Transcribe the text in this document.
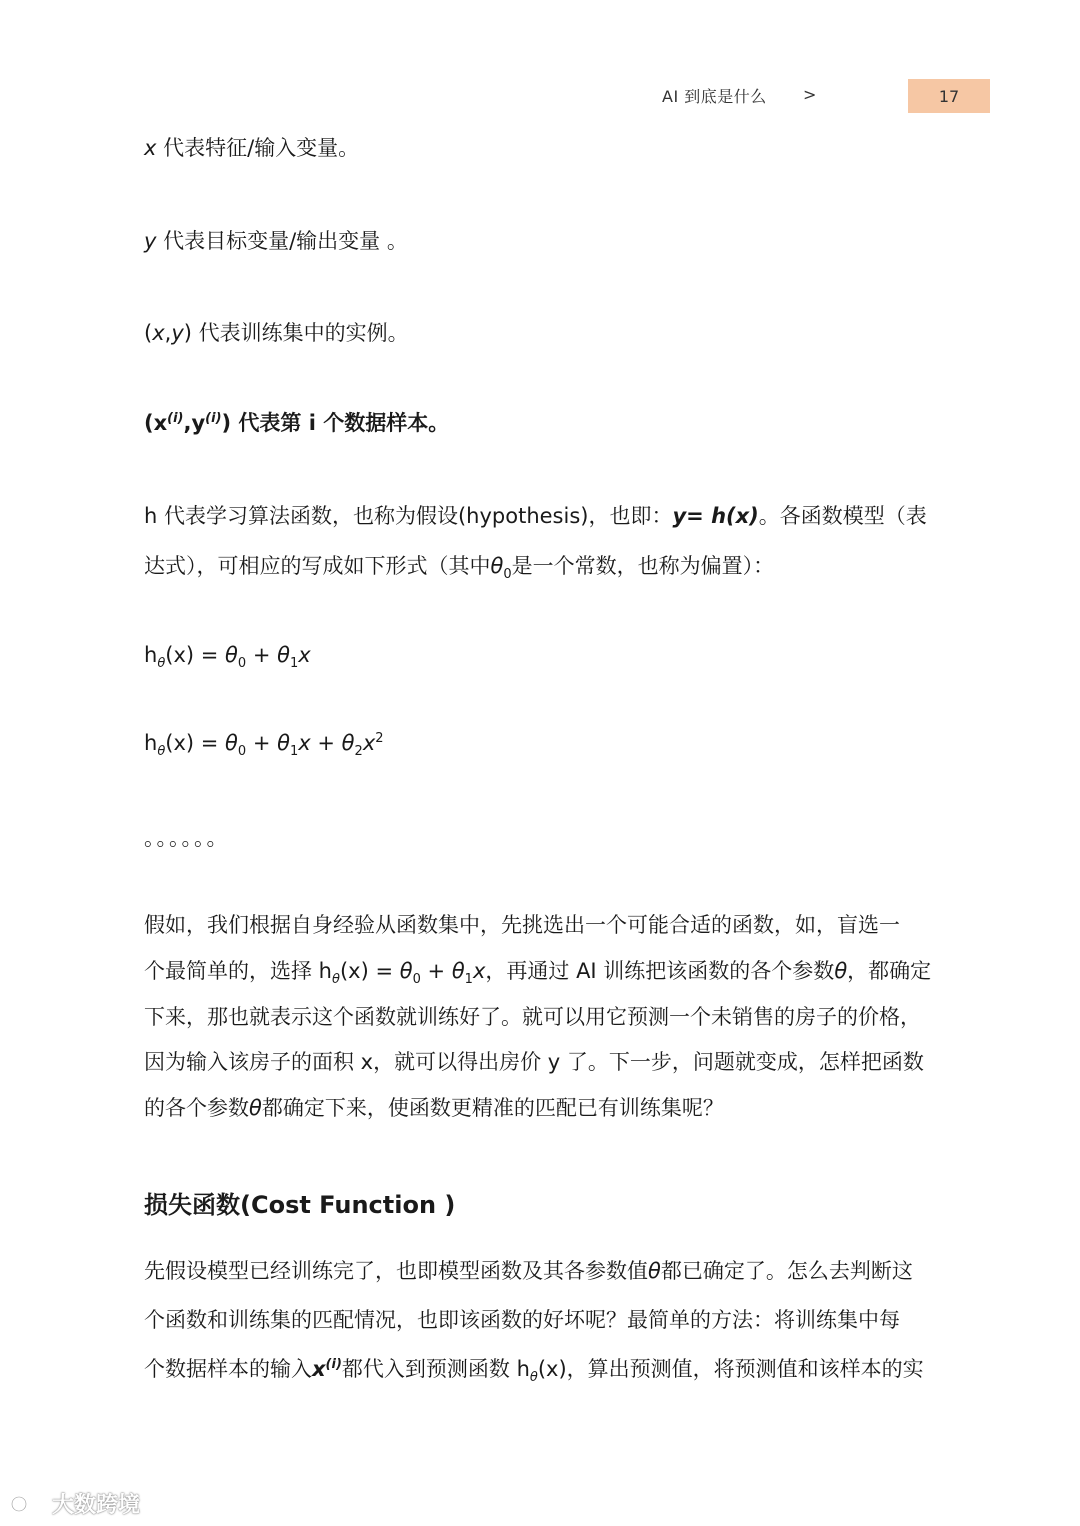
AI 到底是什么 >	17
x 代表特征/输入变量。
y 代表目标变量/输出变量 。
(x,y) 代表训练集中的实例。
$(x^{(i)},y^{(i)})$ 代表第 i 个数据样本。
h 代表学习算法函数，也称为假设(hypothesis)，也即：y= h(x)。各函数模型（表
达式），可相应的写成如下形式（其中$\theta_0$是一个常数，也称为偏置）：
$h_\theta(x) = \theta_0 + \theta_1x$
$h_\theta(x) = \theta_0 + \theta_1x + \theta_2x^2$
。。。。。。
假如，我们根据自身经验从函数集中，先挑选出一个可能合适的函数，如，盲选一
个最简单的，选择 $h_\theta(x) = \theta_0 + \theta_1x$，再通过 AI 训练把该函数的各个参数θ，都确定
下来，那也就表示这个函数就训练好了。就可以用它预测一个未销售的房子的价格，
因为输入该房子的面积 x，就可以得出房价 y 了。下一步，问题就变成，怎样把函数
的各个参数θ都确定下来，使函数更精准的匹配已有训练集呢？
损失函数(Cost Function )
先假设模型已经训练完了，也即模型函数及其各参数值θ都已确定了。怎么去判断这
个函数和训练集的匹配情况，也即该函数的好坏呢？最简单的方法：将训练集中每
个数据样本的输入$x^{(i)}$都代入到预测函数 $h_\theta(x)$，算出预测值，将预测值和该样本的实
大数跨境
